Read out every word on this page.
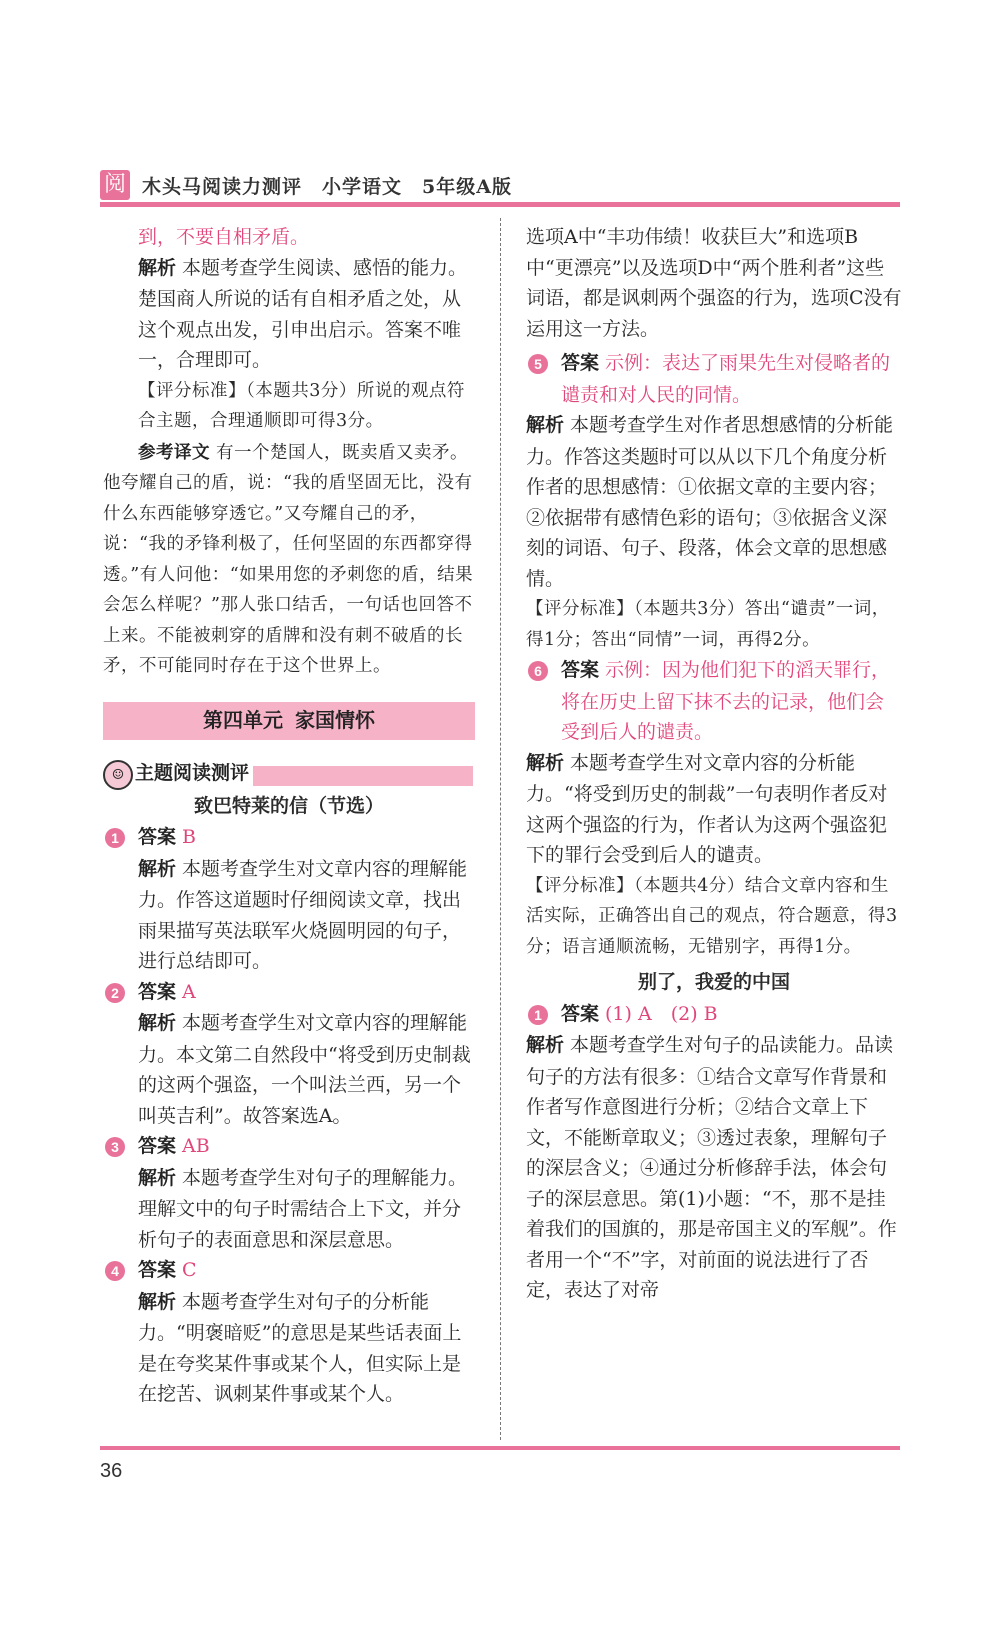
阅 木头马阅读力测评　小学语文　5年级A版

到，不要自相矛盾。

解析 本题考查学生阅读、感悟的能力。楚国商人所说的话有自相矛盾之处，从这个观点出发，引申出启示。答案不唯一，合理即可。

【评分标准】（本题共3分）所说的观点符合主题，合理通顺即可得3分。

参考译文 有一个楚国人，既卖盾又卖矛。他夸耀自己的盾，说：“我的盾坚固无比，没有什么东西能够穿透它。”又夸耀自己的矛，说：“我的矛锋利极了，任何坚固的东西都穿得透。”有人问他：“如果用您的矛刺您的盾，结果会怎么样呢？”那人张口结舌，一句话也回答不上来。不能被刺穿的盾牌和没有刺不破盾的长矛，不可能同时存在于这个世界上。

第四单元 家国情怀
☺ 主题阅读测评

致巴特莱的信（节选）

1	答案 B

解析 本题考查学生对文章内容的理解能力。作答这道题时仔细阅读文章，找出雨果描写英法联军火烧圆明园的句子，进行总结即可。

2	答案 A

解析 本题考查学生对文章内容的理解能力。本文第二自然段中“将受到历史制裁的这两个强盗，一个叫法兰西，另一个叫英吉利”。故答案选A。

3	答案 AB

解析 本题考查学生对句子的理解能力。理解文中的句子时需结合上下文，并分析句子的表面意思和深层意思。

4	答案 C

解析 本题考查学生对句子的分析能力。“明褒暗贬”的意思是某些话表面上是在夸奖某件事或某个人，但实际上是在挖苦、讽刺某件事或某个人。

选项A中“丰功伟绩！收获巨大”和选项B中“更漂亮”以及选项D中“两个胜利者”这些词语，都是讽刺两个强盗的行为，选项C没有运用这一方法。

5	答案 示例：表达了雨果先生对侵略者的谴责和对人民的同情。

解析 本题考查学生对作者思想感情的分析能力。作答这类题时可以从以下几个角度分析作者的思想感情：①依据文章的主要内容；②依据带有感情色彩的语句；③依据含义深刻的词语、句子、段落，体会文章的思想感情。

【评分标准】（本题共3分）答出“谴责”一词，得1分；答出“同情”一词，再得2分。

6	答案 示例：因为他们犯下的滔天罪行，将在历史上留下抹不去的记录，他们会受到后人的谴责。

解析 本题考查学生对文章内容的分析能力。“将受到历史的制裁”一句表明作者反对这两个强盗的行为，作者认为这两个强盗犯下的罪行会受到后人的谴责。

【评分标准】（本题共4分）结合文章内容和生活实际，正确答出自己的观点，符合题意，得3分；语言通顺流畅，无错别字，再得1分。

别了，我爱的中国

1	答案 (1) A　(2) B

解析 本题考查学生对句子的品读能力。品读句子的方法有很多：①结合文章写作背景和作者写作意图进行分析；②结合文章上下文，不能断章取义；③透过表象，理解句子的深层含义；④通过分析修辞手法，体会句子的深层意思。第(1)小题：“不，那不是挂着我们的国旗的，那是帝国主义的军舰”。作者用一个“不”字，对前面的说法进行了否定，表达了对帝

36
